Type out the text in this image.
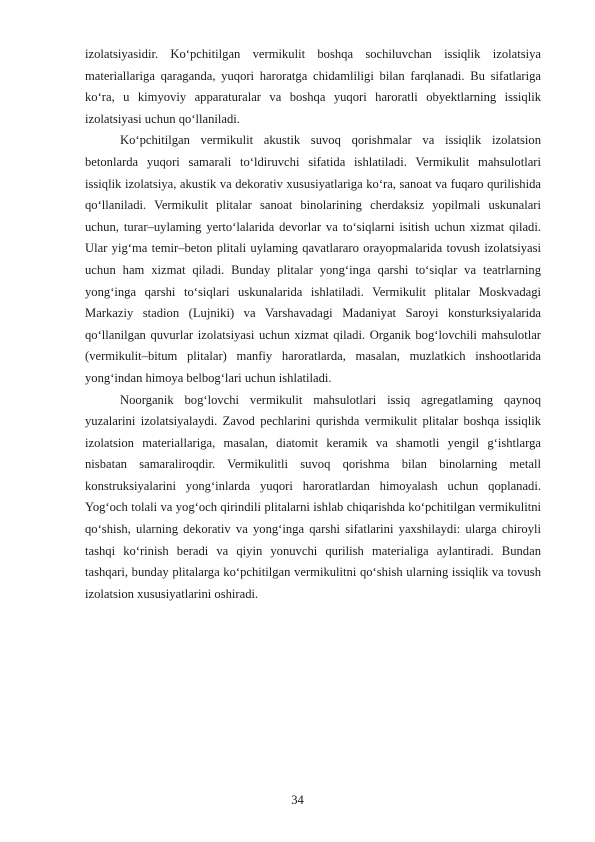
izolatsiyasidir. Ko‘pchitilgan vermikulit boshqa sochiluvchan issiqlik izolatsiya materiallariga qaraganda, yuqori haroratga chidamliligi bilan farqlanadi. Bu sifatlariga ko‘ra, u kimyoviy apparaturalar va boshqa yuqori haroratli obyektlarning issiqlik izolatsiyasi uchun qo‘llaniladi.

Ko‘pchitilgan vermikulit akustik suvoq qorishmalar va issiqlik izolatsion betonlarda yuqori samarali to‘ldiruvchi sifatida ishlatiladi. Vermikulit mahsulotlari issiqlik izolatsiya, akustik va dekorativ xususiyatlariga ko‘ra, sanoat va fuqaro qurilishida qo‘llaniladi. Vermikulit plitalar sanoat binolarining cherdaksiz yopilmali uskunalari uchun, turar–uylaming yerto‘lalarida devorlar va to‘siqlarni isitish uchun xizmat qiladi. Ular yig‘ma temir–beton plitali uylaming qavatlararo orayopmalarida tovush izolatsiyasi uchun ham xizmat qiladi. Bunday plitalar yong‘inga qarshi to‘siqlar va teatrlarning yong‘inga qarshi to‘siqlari uskunalarida ishlatiladi. Vermikulit plitalar Moskvadagi Markaziy stadion (Lujniki) va Varshavadagi Madaniyat Saroyi konsturksiyalarida qo‘llanilgan quvurlar izolatsiyasi uchun xizmat qiladi. Organik bog‘lovchili mahsulotlar (vermikulit–bitum plitalar) manfiy haroratlarda, masalan, muzlatkich inshootlarida yong‘indan himoya belbog‘lari uchun ishlatiladi.

Noorganik bog‘lovchi vermikulit mahsulotlari issiq agregatlaming qaynoq yuzalarini izolatsiyalaydi. Zavod pechlarini qurishda vermikulit plitalar boshqa issiqlik izolatsion materiallariga, masalan, diatomit keramik va shamotli yengil g‘ishtlarga nisbatan samaraliroqdir. Vermikulitli suvoq qorishma bilan binolarning metall konstruksiyalarini yong‘inlarda yuqori haroratlardan himoyalash uchun qoplanadi. Yog‘och tolali va yog‘och qirindili plitalarni ishlab chiqarishda ko‘pchitilgan vermikulitni qo‘shish, ularning dekorativ va yong‘inga qarshi sifatlarini yaxshilaydi: ularga chiroyli tashqi ko‘rinish beradi va qiyin yonuvchi qurilish materialiga aylantiradi. Bundan tashqari, bunday plitalarga ko‘pchitilgan vermikulitni qo‘shish ularning issiqlik va tovush izolatsion xususiyatlarini oshiradi.

34
